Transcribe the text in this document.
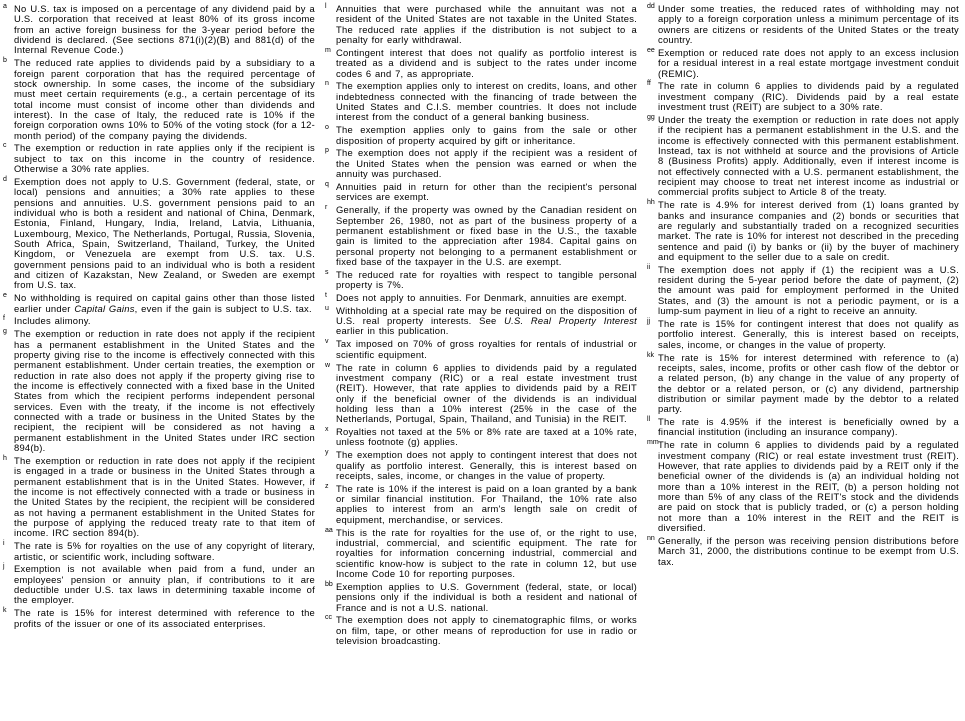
a No U.S. tax is imposed on a percentage of any dividend paid by a U.S. corporation that received at least 80% of its gross income from an active foreign business for the 3-year period before the dividend is declared. (See sections 871(i)(2)(B) and 881(d) of the Internal Revenue Code.)
b The reduced rate applies to dividends paid by a subsidiary to a foreign parent corporation that has the required percentage of stock ownership. In some cases, the income of the subsidiary must meet certain requirements (e.g., a certain percentage of its total income must consist of income other than dividends and interest). In the case of Italy, the reduced rate is 10% if the foreign corporation owns 10% to 50% of the voting stock (for a 12-month period) of the company paying the dividends.
c The exemption or reduction in rate applies only if the recipient is subject to tax on this income in the country of residence. Otherwise a 30% rate applies.
d Exemption does not apply to U.S. Government (federal, state, or local) pensions and annuities; a 30% rate applies to these pensions and annuities. U.S. government pensions paid to an individual who is both a resident and national of China, Denmark, Estonia, Finland, Hungary, India, Ireland, Latvia, Lithuania, Luxembourg, Mexico, The Netherlands, Portugal, Russia, Slovenia, South Africa, Spain, Switzerland, Thailand, Turkey, the United Kingdom, or Venezuela are exempt from U.S. tax. U.S. government pensions paid to an individual who is both a resident and citizen of Kazakstan, New Zealand, or Sweden are exempt from U.S. tax.
e No withholding is required on capital gains other than those listed earlier under Capital Gains, even if the gain is subject to U.S. tax.
f Includes alimony.
g The exemption or reduction in rate does not apply if the recipient has a permanent establishment in the United States and the property giving rise to the income is effectively connected with this permanent establishment. Under certain treaties, the exemption or reduction in rate also does not apply if the property giving rise to the income is effectively connected with a fixed base in the United States from which the recipient performs independent personal services. Even with the treaty, if the income is not effectively connected with a trade or business in the United States by the recipient, the recipient will be considered as not having a permanent establishment in the United States under IRC section 894(b).
h The exemption or reduction in rate does not apply if the recipient is engaged in a trade or business in the United States through a permanent establishment that is in the United States. However, if the income is not effectively connected with a trade or business in the United States by the recipient, the recipient will be considered as not having a permanent establishment in the United States for the purpose of applying the reduced treaty rate to that item of income. IRC section 894(b).
i The rate is 5% for royalties on the use of any copyright of literary, artistic, or scientific work, including software.
j Exemption is not available when paid from a fund, under an employees' pension or annuity plan, if contributions to it are deductible under U.S. tax laws in determining taxable income of the employer.
k The rate is 15% for interest determined with reference to the profits of the issuer or one of its associated enterprises.
l Annuities that were purchased while the annuitant was not a resident of the United States are not taxable in the United States. The reduced rate applies if the distribution is not subject to a penalty for early withdrawal.
m Contingent interest that does not qualify as portfolio interest is treated as a dividend and is subject to the rates under income codes 6 and 7, as appropriate.
n The exemption applies only to interest on credits, loans, and other indebtedness connected with the financing of trade between the United States and C.I.S. member countries. It does not include interest from the conduct of a general banking business.
o The exemption applies only to gains from the sale or other disposition of property acquired by gift or inheritance.
p The exemption does not apply if the recipient was a resident of the United States when the pension was earned or when the annuity was purchased.
q Annuities paid in return for other than the recipient's personal services are exempt.
r Generally, if the property was owned by the Canadian resident on September 26, 1980, not as part of the business property of a permanent establishment or fixed base in the U.S., the taxable gain is limited to the appreciation after 1984. Capital gains on personal property not belonging to a permanent establishment or fixed base of the taxpayer in the U.S. are exempt.
s The reduced rate for royalties with respect to tangible personal property is 7%.
t Does not apply to annuities. For Denmark, annuities are exempt.
u Withholding at a special rate may be required on the disposition of U.S. real property interests. See U.S. Real Property Interest earlier in this publication.
v Tax imposed on 70% of gross royalties for rentals of industrial or scientific equipment.
w The rate in column 6 applies to dividends paid by a regulated investment company (RIC) or a real estate investment trust (REIT). However, that rate applies to dividends paid by a REIT only if the beneficial owner of the dividends is an individual holding less than a 10% interest (25% in the case of the Netherlands, Portugal, Spain, Thailand, and Tunisia) in the REIT.
x Royalties not taxed at the 5% or 8% rate are taxed at a 10% rate, unless footnote (g) applies.
y The exemption does not apply to contingent interest that does not qualify as portfolio interest. Generally, this is interest based on receipts, sales, income, or changes in the value of property.
z The rate is 10% if the interest is paid on a loan granted by a bank or similar financial institution. For Thailand, the 10% rate also applies to interest from an arm's length sale on credit of equipment, merchandise, or services.
aa This is the rate for royalties for the use of, or the right to use, industrial, commercial, and scientific equipment. The rate for royalties for information concerning industrial, commercial and scientific know-how is subject to the rate in column 12, but use Income Code 10 for reporting purposes.
bb Exemption applies to U.S. Government (federal, state, or local) pensions only if the individual is both a resident and national of France and is not a U.S. national.
cc The exemption does not apply to cinematographic films, or works on film, tape, or other means of reproduction for use in radio or television broadcasting.
dd Under some treaties, the reduced rates of withholding may not apply to a foreign corporation unless a minimum percentage of its owners are citizens or residents of the United States or the treaty country.
ee Exemption or reduced rate does not apply to an excess inclusion for a residual interest in a real estate mortgage investment conduit (REMIC).
ff The rate in column 6 applies to dividends paid by a regulated investment company (RIC). Dividends paid by a real estate investment trust (REIT) are subject to a 30% rate.
gg Under the treaty the exemption or reduction in rate does not apply if the recipient has a permanent establishment in the U.S. and the income is effectively connected with this permanent establishment. Instead, tax is not withheld at source and the provisions of Article 8 (Business Profits) apply. Additionally, even if interest income is not effectively connected with a U.S. permanent establishment, the recipient may choose to treat net interest income as industrial or commercial profits subject to Article 8 of the treaty.
hh The rate is 4.9% for interest derived from (1) loans granted by banks and insurance companies and (2) bonds or securities that are regularly and substantially traded on a recognized securities market. The rate is 10% for interest not described in the preceding sentence and paid (i) by banks or (ii) by the buyer of machinery and equipment to the seller due to a sale on credit.
ii The exemption does not apply if (1) the recipient was a U.S. resident during the 5-year period before the date of payment, (2) the amount was paid for employment performed in the United States, and (3) the amount is not a periodic payment, or is a lump-sum payment in lieu of a right to receive an annuity.
jj The rate is 15% for contingent interest that does not qualify as portfolio interest. Generally, this is interest based on receipts, sales, income, or changes in the value of property.
kk The rate is 15% for interest determined with reference to (a) receipts, sales, income, profits or other cash flow of the debtor or a related person, (b) any change in the value of any property of the debtor or a related person, or (c) any dividend, partnership distribution or similar payment made by the debtor to a related party.
ll The rate is 4.95% if the interest is beneficially owned by a financial institution (including an insurance company).
mm The rate in column 6 applies to dividends paid by a regulated investment company (RIC) or real estate investment trust (REIT). However, that rate applies to dividends paid by a REIT only if the beneficial owner of the dividends is (a) an individual holding not more than a 10% interest in the REIT, (b) a person holding not more than 5% of any class of the REIT's stock and the dividends are paid on stock that is publicly traded, or (c) a person holding not more than a 10% interest in the REIT and the REIT is diversified.
nn Generally, if the person was receiving pension distributions before March 31, 2000, the distributions continue to be exempt from U.S. tax.
